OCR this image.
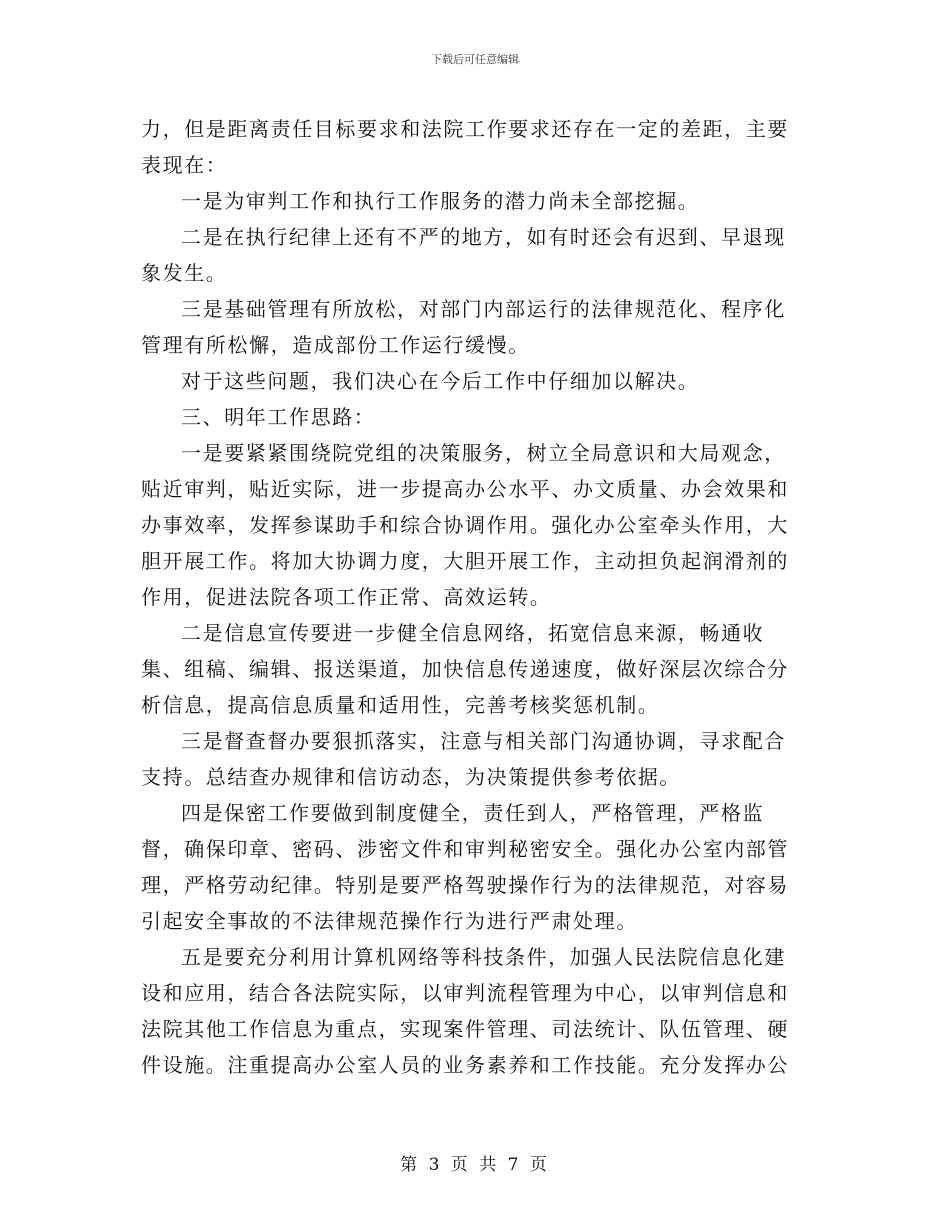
下载后可任意编辑

力，但是距离责任目标要求和法院工作要求还存在一定的差距，主要表现在：

一是为审判工作和执行工作服务的潜力尚未全部挖掘。

二是在执行纪律上还有不严的地方，如有时还会有迟到、早退现象发生。

三是基础管理有所放松，对部门内部运行的法律规范化、程序化管理有所松懈，造成部份工作运行缓慢。

对于这些问题，我们决心在今后工作中仔细加以解决。

三、明年工作思路：

一是要紧紧围绕院党组的决策服务，树立全局意识和大局观念，贴近审判，贴近实际，进一步提高办公水平、办文质量、办会效果和办事效率，发挥参谋助手和综合协调作用。强化办公室牵头作用，大胆开展工作。将加大协调力度，大胆开展工作，主动担负起润滑剂的作用，促进法院各项工作正常、高效运转。

二是信息宣传要进一步健全信息网络，拓宽信息来源，畅通收集、组稿、编辑、报送渠道，加快信息传递速度，做好深层次综合分析信息，提高信息质量和适用性，完善考核奖惩机制。

三是督查督办要狠抓落实，注意与相关部门沟通协调，寻求配合支持。总结查办规律和信访动态，为决策提供参考依据。

四是保密工作要做到制度健全，责任到人，严格管理，严格监督，确保印章、密码、涉密文件和审判秘密安全。强化办公室内部管理，严格劳动纪律。特别是要严格驾驶操作行为的法律规范，对容易引起安全事故的不法律规范操作行为进行严肃处理。

五是要充分利用计算机网络等科技条件，加强人民法院信息化建设和应用，结合各法院实际，以审判流程管理为中心，以审判信息和法院其他工作信息为重点，实现案件管理、司法统计、队伍管理、硬件设施。注重提高办公室人员的业务素养和工作技能。充分发挥办公

第 3 页 共 7 页
